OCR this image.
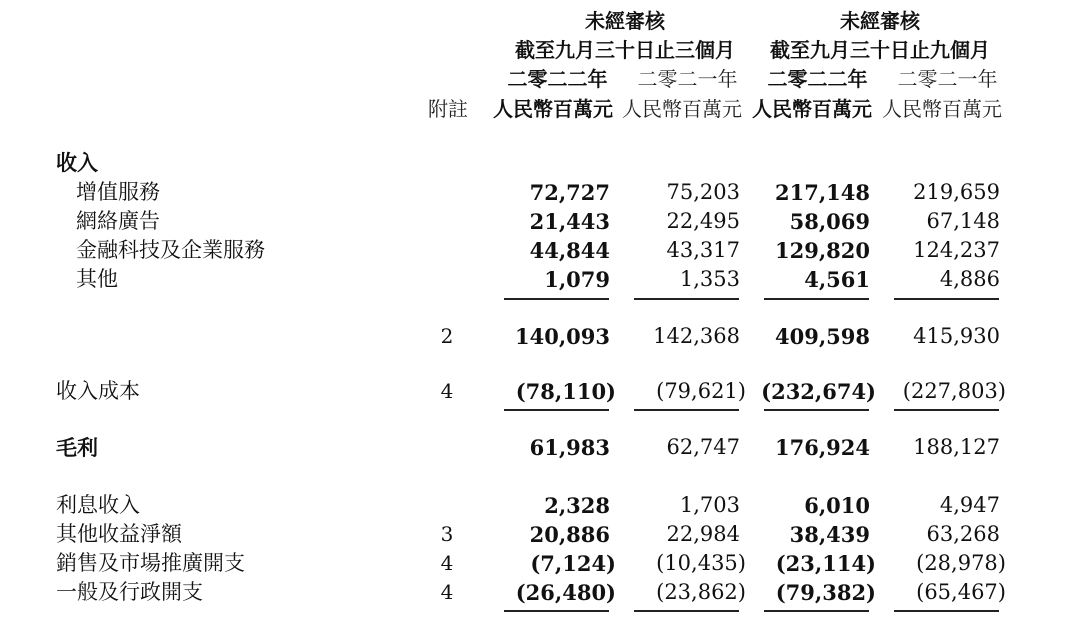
未經審核	未經審核
截至九月三十日止三個月	截至九月三十日止九個月
二零二二年	二零二一年	二零二二年	二零二一年
附註 人民幣百萬元 人民幣百萬元 人民幣百萬元 人民幣百萬元
收入
增值服務	72,727	75,203	217,148	219,659
網絡廣告	21,443	22,495	58,069	67,148
金融科技及企業服務	44,844	43,317	129,820	124,237
其他	1,079	1,353	4,561	4,886
2	140,093	142,368	409,598	415,930
收入成本	4	(78,110)	(79,621) (232,674)	(227,803)
毛利	61,983	62,747	176,924	188,127
利息收入	2,328	1,703	6,010	4,947
其他收益淨額	3	20,886	22,984	38,439	63,268
銷售及市場推廣開支	4	(7,124)	(10,435)	(23,114)	(28,978)
一般及行政開支	4	(26,480)	(23,862)	(79,382)	(65,467)
